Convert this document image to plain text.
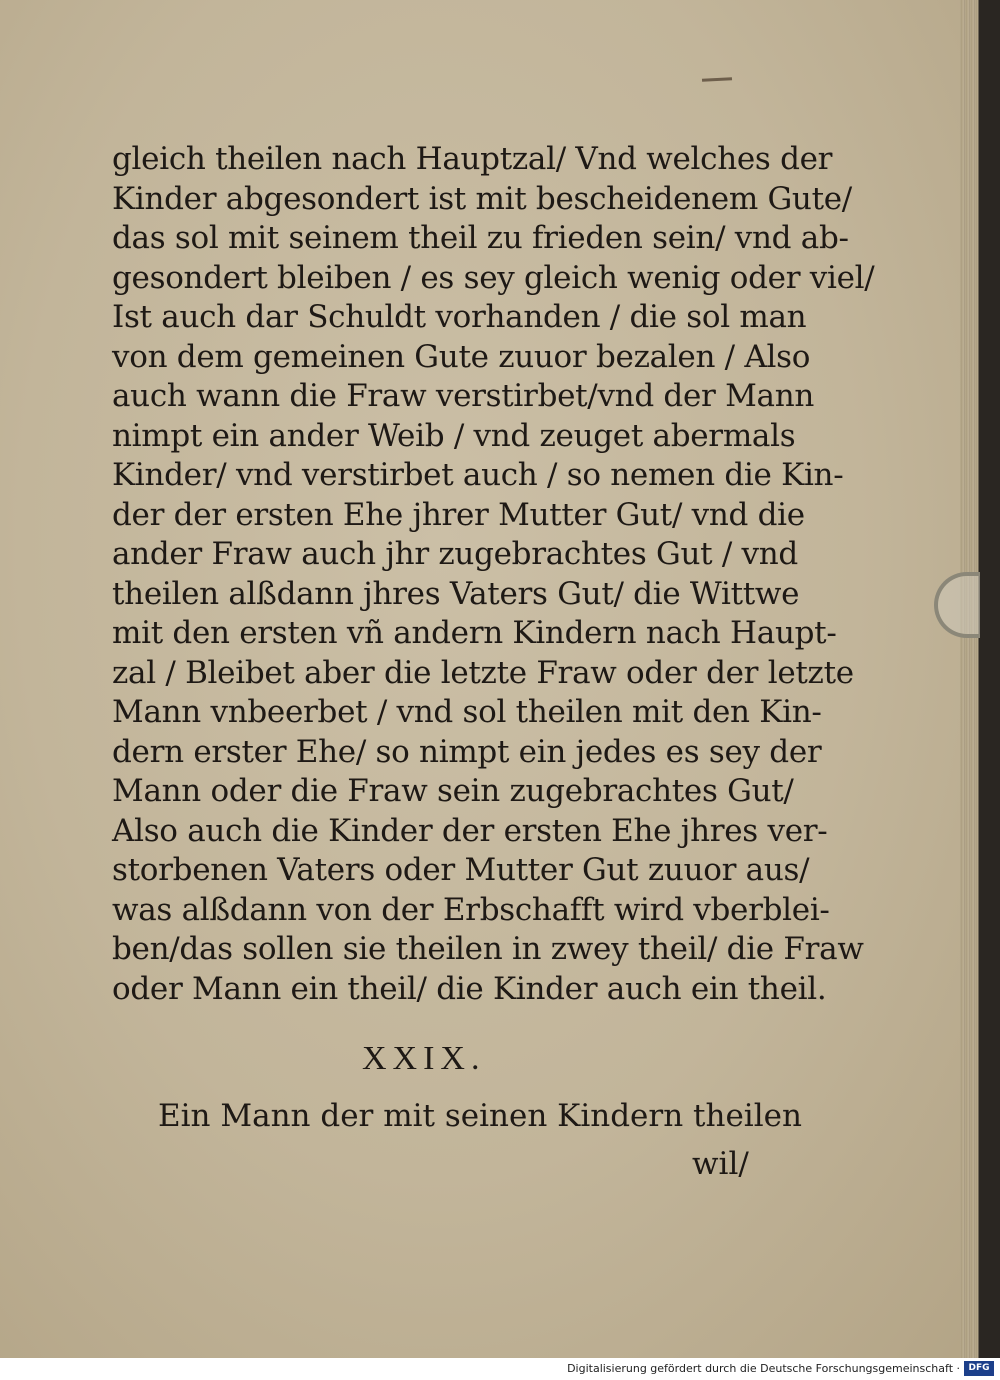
gleich theilen nach Hauptzal/ Vnd welches der
Kinder abgesondert ist mit bescheidenem Gute/
das sol mit seinem theil zu frieden sein/ vnd ab-
gesondert bleiben / es sey gleich wenig oder viel/
Ist auch dar Schuldt vorhanden / die sol man
von dem gemeinen Gute zuuor bezalen / Also
auch wann die Fraw verstirbet/vnd der Mann
nimpt ein ander Weib / vnd zeuget abermals
Kinder/ vnd verstirbet auch / so nemen die Kin-
der der ersten Ehe jhrer Mutter Gut/ vnd die
ander Fraw auch jhr zugebrachtes Gut / vnd
theilen alßdann jhres Vaters Gut/ die Wittwe
mit den ersten vñ andern Kindern nach Haupt-
zal / Bleibet aber die letzte Fraw oder der letzte
Mann vnbeerbet / vnd sol theilen mit den Kin-
dern erster Ehe/ so nimpt ein jedes es sey der
Mann oder die Fraw sein zugebrachtes Gut/
Also auch die Kinder der ersten Ehe jhres ver-
storbenen Vaters oder Mutter Gut zuuor aus/
was alßdann von der Erbschafft wird vberblei-
ben/das sollen sie theilen in zwey theil/ die Fraw
oder Mann ein theil/ die Kinder auch ein theil.
XXIX.
Ein Mann der mit seinen Kindern theilen
wil/
Digitalisierung gefördert durch die Deutsche Forschungsgemeinschaft · DFG
